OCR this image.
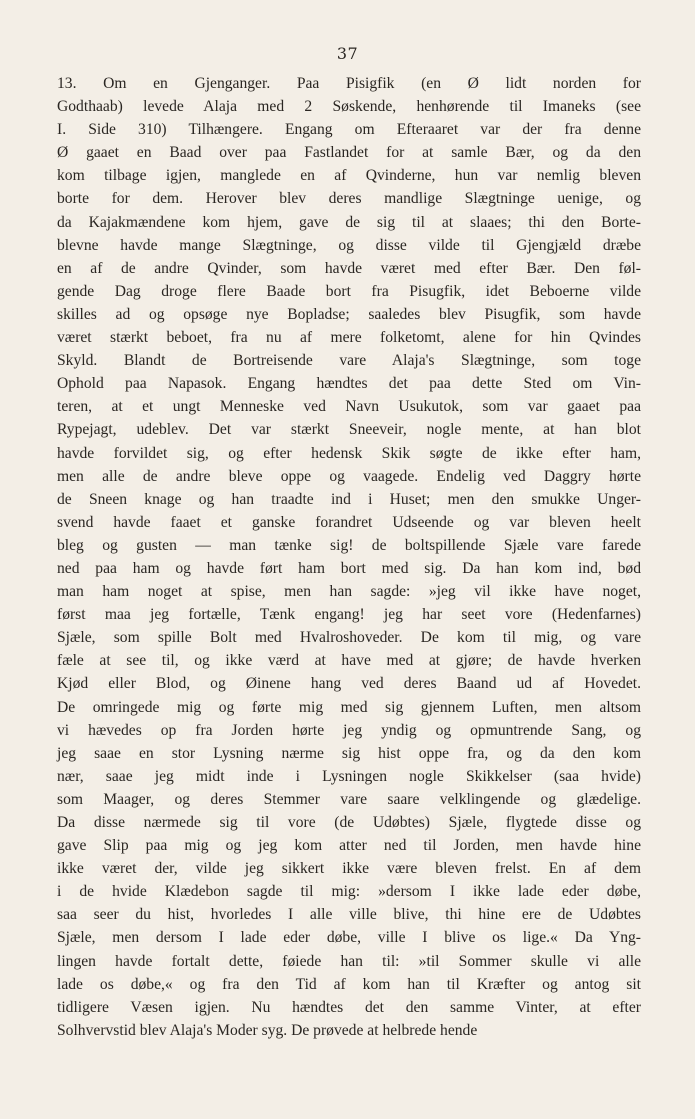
37
13. Om en Gjenganger. Paa Pisigfik (en Ø lidt norden for
Godthaab) levede Alaja med 2 Søskende, henhørende til Imaneks (see
I. Side 310) Tilhængere. Engang om Efteraaret var der fra denne
Ø gaaet en Baad over paa Fastlandet for at samle Bær, og da den
kom tilbage igjen, manglede en af Qvinderne, hun var nemlig bleven
borte for dem. Herover blev deres mandlige Slægtninge uenige, og
da Kajakmændene kom hjem, gave de sig til at slaaes; thi den Borte-
blevne havde mange Slægtninge, og disse vilde til Gjengjæld dræbe
en af de andre Qvinder, som havde været med efter Bær. Den føl-
gende Dag droge flere Baade bort fra Pisugfik, idet Beboerne vilde
skilles ad og opsøge nye Bopladse; saaledes blev Pisugfik, som havde
været stærkt beboet, fra nu af mere folketomt, alene for hin Qvindes
Skyld. Blandt de Bortreisende vare Alaja's Slægtninge, som toge
Ophold paa Napasok. Engang hændtes det paa dette Sted om Vin-
teren, at et ungt Menneske ved Navn Usukutok, som var gaaet paa
Rypejagt, udeblev. Det var stærkt Sneeveir, nogle mente, at han blot
havde forvildet sig, og efter hedensk Skik søgte de ikke efter ham,
men alle de andre bleve oppe og vaagede. Endelig ved Daggry hørte
de Sneen knage og han traadte ind i Huset; men den smukke Unger-
svend havde faaet et ganske forandret Udseende og var bleven heelt
bleg og gusten — man tænke sig! de boltspillende Sjæle vare farede
ned paa ham og havde ført ham bort med sig. Da han kom ind, bød
man ham noget at spise, men han sagde: »jeg vil ikke have noget,
først maa jeg fortælle, Tænk engang! jeg har seet vore (Hedenfarnes)
Sjæle, som spille Bolt med Hvalroshoveder. De kom til mig, og vare
fæle at see til, og ikke værd at have med at gjøre; de havde hverken
Kjød eller Blod, og Øinene hang ved deres Baand ud af Hovedet.
De omringede mig og førte mig med sig gjennem Luften, men altsom
vi hævedes op fra Jorden hørte jeg yndig og opmuntrende Sang, og
jeg saae en stor Lysning nærme sig hist oppe fra, og da den kom
nær, saae jeg midt inde i Lysningen nogle Skikkelser (saa hvide)
som Maager, og deres Stemmer vare saare velklingende og glædelige.
Da disse nærmede sig til vore (de Udøbtes) Sjæle, flygtede disse og
gave Slip paa mig og jeg kom atter ned til Jorden, men havde hine
ikke været der, vilde jeg sikkert ikke være bleven frelst. En af dem
i de hvide Klædebon sagde til mig: »dersom I ikke lade eder døbe,
saa seer du hist, hvorledes I alle ville blive, thi hine ere de Udøbtes
Sjæle, men dersom I lade eder døbe, ville I blive os lige.« Da Yng-
lingen havde fortalt dette, føiede han til: »til Sommer skulle vi alle
lade os døbe,« og fra den Tid af kom han til Kræfter og antog sit
tidligere Væsen igjen. Nu hændtes det den samme Vinter, at efter
Solhvervstid blev Alaja's Moder syg. De prøvede at helbrede hende
